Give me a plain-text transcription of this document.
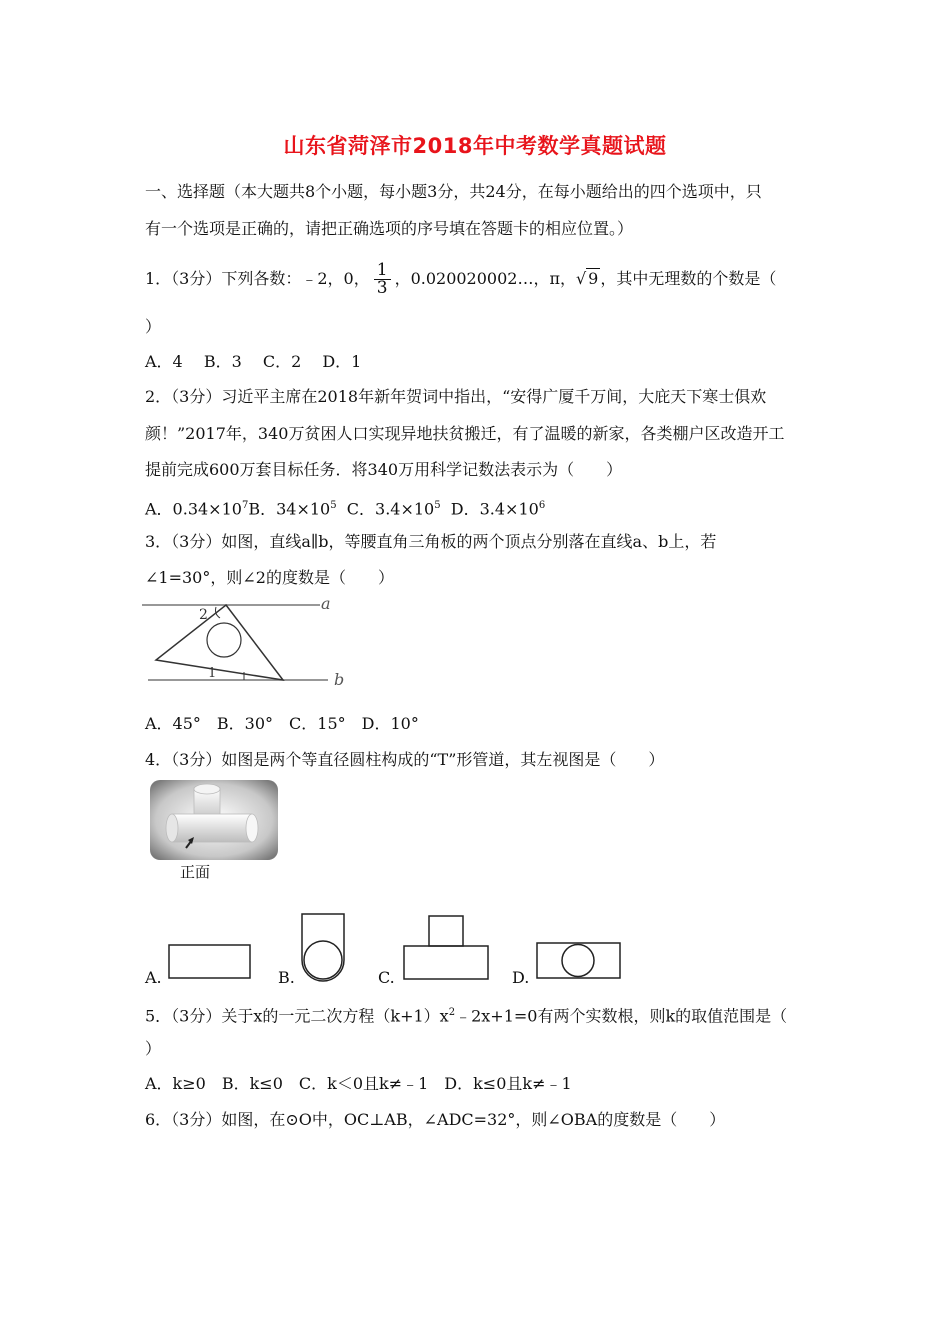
山东省菏泽市2018年中考数学真题试题
一、选择题（本大题共8个小题，每小题3分，共24分，在每小题给出的四个选项中，只
有一个选项是正确的，请把正确选项的序号填在答题卡的相应位置。）
1．（3分）下列各数：﹣2，0， $\frac{1}{3}$ ，0.020020002…，π，√ 9 ，其中无理数的个数是（
）
A．4　 B．3　 C．2　 D．1
2．（3分）习近平主席在2018年新年贺词中指出，“安得广厦千万间，大庇天下寒士俱欢
颜！”2017年，340万贫困人口实现异地扶贫搬迁，有了温暖的新家，各类棚户区改造开工
提前完成600万套目标任务．将340万用科学记数法表示为（　　）
A．$0.34\times 10^7B$．$34\times 10^5$ C．$3.4\times 10^5$ D．$3.4\times 10^6$
3．（3分）如图，直线a∥b，等腰直角三角板的两个顶点分别落在直线a、b上，若
∠1=30°，则∠2的度数是（　　）
2
1
a
b
A．45°　B．30°　C．15°　D．10°
4．（3分）如图是两个等直径圆柱构成的“T”形管道，其左视图是（　　）
正面
A.	B.	C.	D.
5．（3分）关于x的一元二次方程$(k+1)x^2﹣2x+1=0$有两个实数根，则k的取值范围是（
）
A．k≥0　B．k≤0　C．k＜0且k≠﹣1　D．k≤0且k≠﹣1
6．（3分）如图，在⊙O中，OC⊥AB，∠ADC=32°，则∠OBA的度数是（　　）
